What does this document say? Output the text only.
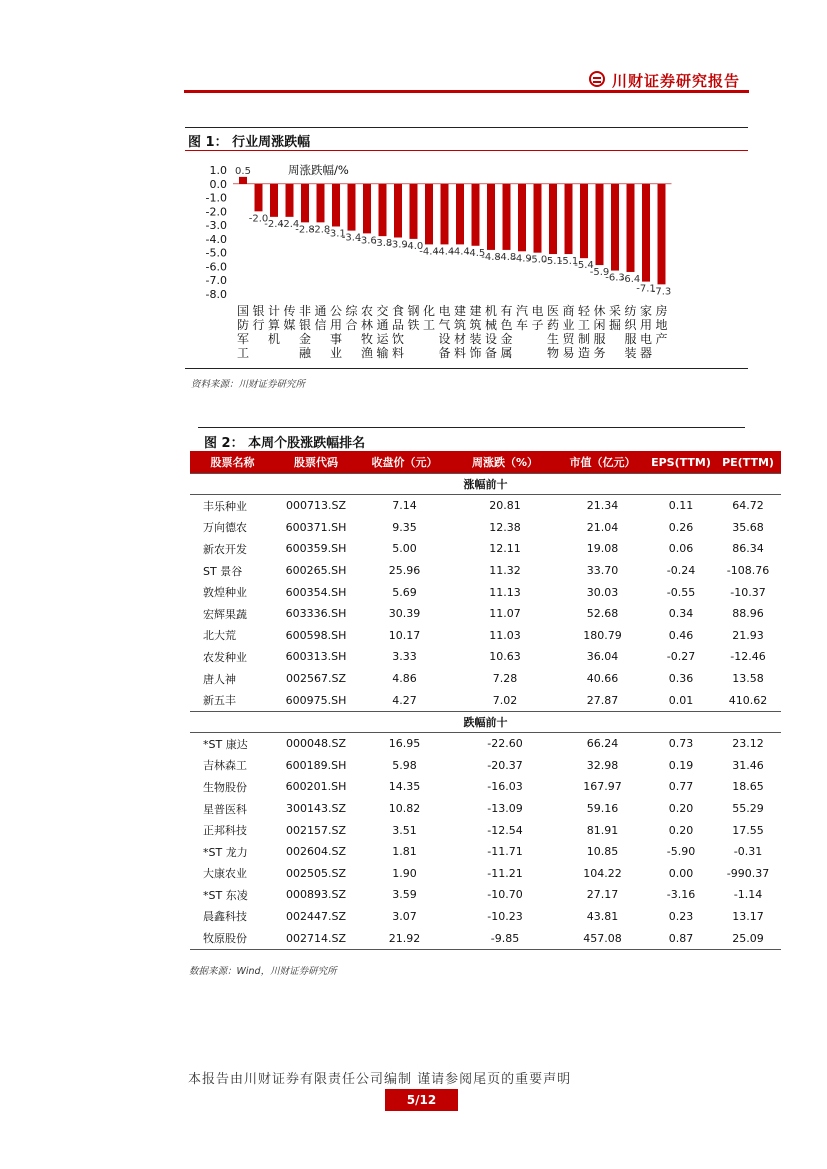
川财证券研究报告
图 1： 行业周涨跌幅
1.0
0.0
-1.0
-2.0
-3.0
-4.0
-5.0
-6.0
-7.0
-8.0
周涨跌幅/%
0.5
-2.0
-2.4
-2.4
-2.8
-2.8
-3.1
-3.4
-3.6
-3.8
-3.9
-4.0
-4.4
-4.4
-4.4
-4.5
-4.8
-4.8
-4.9
-5.0
-5.1
-5.1
-5.4
-5.9
-6.3
-6.4
-7.1
-7.3
国防军工
银行
计算机
传媒
非银金融
通信
公用事业
综合
农林牧渔
交通运输
食品饮料
钢铁
化工
电气设备
建筑材料
建筑装饰
机械设备
有色金属
汽车
电子
医药生物
商业贸易
轻工制造
休闲服务
采掘
纺织服装
家用电器
房地产
资料来源：川财证券研究所
图 2： 本周个股涨跌幅排名
股票名称	股票代码	收盘价（元）	周涨跌（%）	市值（亿元）	EPS(TTM)	PE(TTM)
涨幅前十						
丰乐种业	000713.SZ	7.14	20.81	21.34	0.11	64.72
万向德农	600371.SH	9.35	12.38	21.04	0.26	35.68
新农开发	600359.SH	5.00	12.11	19.08	0.06	86.34
ST 景谷	600265.SH	25.96	11.32	33.70	-0.24	-108.76
敦煌种业	600354.SH	5.69	11.13	30.03	-0.55	-10.37
宏辉果蔬	603336.SH	30.39	11.07	52.68	0.34	88.96
北大荒	600598.SH	10.17	11.03	180.79	0.46	21.93
农发种业	600313.SH	3.33	10.63	36.04	-0.27	-12.46
唐人神	002567.SZ	4.86	7.28	40.66	0.36	13.58
新五丰	600975.SH	4.27	7.02	27.87	0.01	410.62
跌幅前十						
*ST 康达	000048.SZ	16.95	-22.60	66.24	0.73	23.12
吉林森工	600189.SH	5.98	-20.37	32.98	0.19	31.46
生物股份	600201.SH	14.35	-16.03	167.97	0.77	18.65
星普医科	300143.SZ	10.82	-13.09	59.16	0.20	55.29
正邦科技	002157.SZ	3.51	-12.54	81.91	0.20	17.55
*ST 龙力	002604.SZ	1.81	-11.71	10.85	-5.90	-0.31
大康农业	002505.SZ	1.90	-11.21	104.22	0.00	-990.37
*ST 东凌	000893.SZ	3.59	-10.70	27.17	-3.16	-1.14
晨鑫科技	002447.SZ	3.07	-10.23	43.81	0.23	13.17
牧原股份	002714.SZ	21.92	-9.85	457.08	0.87	25.09
数据来源：Wind，川财证券研究所
本报告由川财证券有限责任公司编制 谨请参阅尾页的重要声明
5/12
